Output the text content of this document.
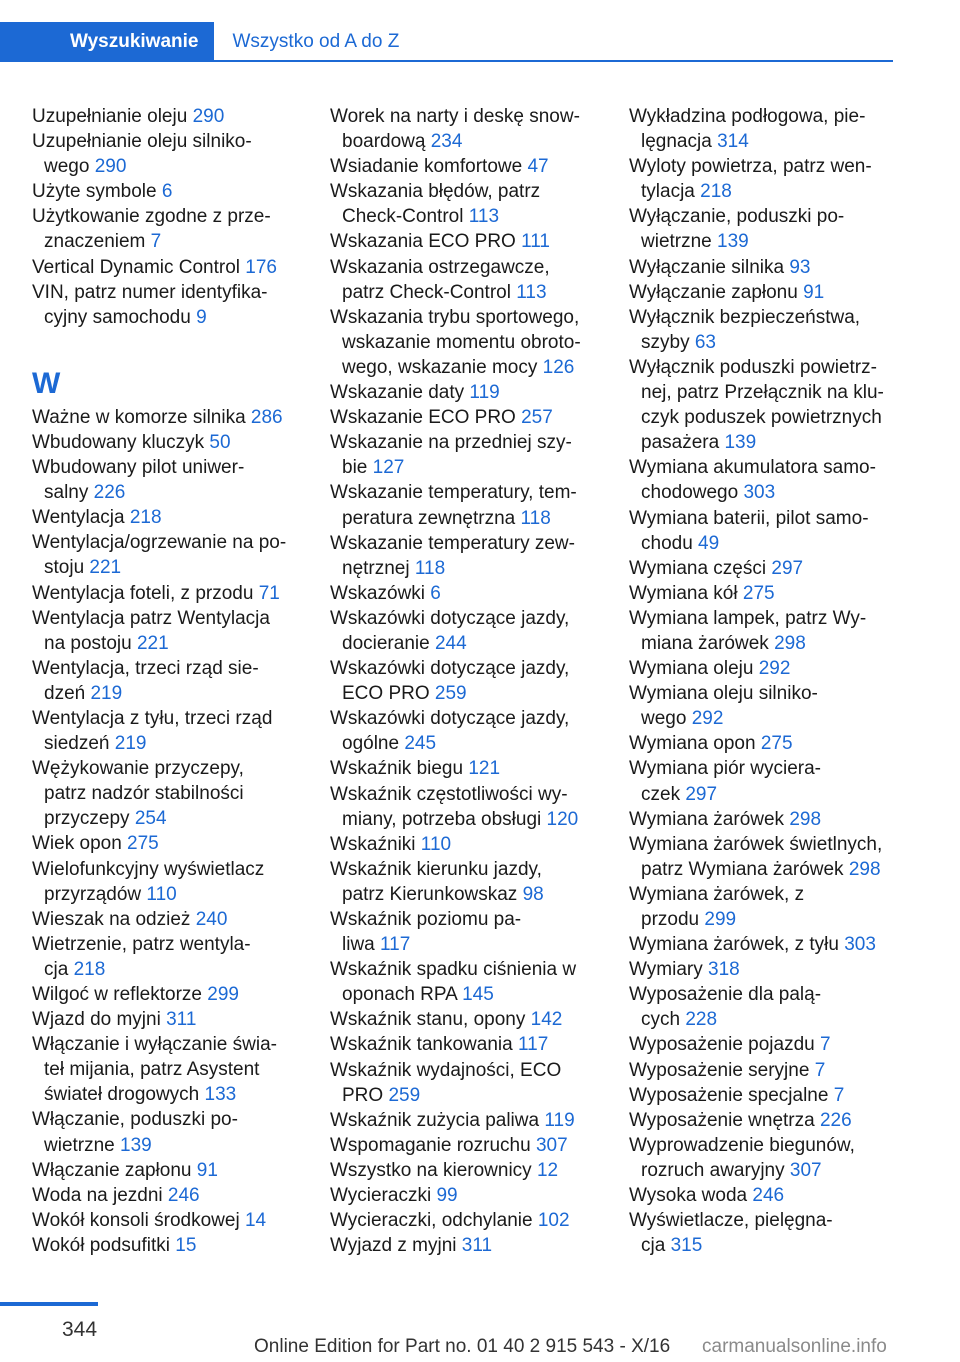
Wyszukiwanie	Wszystko od A do Z
Uzupełnianie oleju 290
Uzupełnianie oleju silniko-
wego 290
Użyte symbole 6
Użytkowanie zgodne z prze-
znaczeniem 7
Vertical Dynamic Control 176
VIN, patrz numer identyfika-
cyjny samochodu 9
W
Ważne w komorze silnika 286
Wbudowany kluczyk 50
Wbudowany pilot uniwer-
salny 226
Wentylacja 218
Wentylacja/ogrzewanie na po-
stoju 221
Wentylacja foteli, z przodu 71
Wentylacja patrz Wentylacja
na postoju 221
Wentylacja, trzeci rząd sie-
dzeń 219
Wentylacja z tyłu, trzeci rząd
siedzeń 219
Wężykowanie przyczepy,
patrz nadzór stabilności
przyczepy 254
Wiek opon 275
Wielofunkcyjny wyświetlacz
przyrządów 110
Wieszak na odzież 240
Wietrzenie, patrz wentyla-
cja 218
Wilgoć w reflektorze 299
Wjazd do myjni 311
Włączanie i wyłączanie świa-
teł mijania, patrz Asystent
świateł drogowych 133
Włączanie, poduszki po-
wietrzne 139
Włączanie zapłonu 91
Woda na jezdni 246
Wokół konsoli środkowej 14
Wokół podsufitki 15
Worek na narty i deskę snow-
boardową 234
Wsiadanie komfortowe 47
Wskazania błędów, patrz
Check-Control 113
Wskazania ECO PRO 111
Wskazania ostrzegawcze,
patrz Check-Control 113
Wskazania trybu sportowego,
wskazanie momentu obroto-
wego, wskazanie mocy 126
Wskazanie daty 119
Wskazanie ECO PRO 257
Wskazanie na przedniej szy-
bie 127
Wskazanie temperatury, tem-
peratura zewnętrzna 118
Wskazanie temperatury zew-
nętrznej 118
Wskazówki 6
Wskazówki dotyczące jazdy,
docieranie 244
Wskazówki dotyczące jazdy,
ECO PRO 259
Wskazówki dotyczące jazdy,
ogólne 245
Wskaźnik biegu 121
Wskaźnik częstotliwości wy-
miany, potrzeba obsługi 120
Wskaźniki 110
Wskaźnik kierunku jazdy,
patrz Kierunkowskaz 98
Wskaźnik poziomu pa-
liwa 117
Wskaźnik spadku ciśnienia w
oponach RPA 145
Wskaźnik stanu, opony 142
Wskaźnik tankowania 117
Wskaźnik wydajności, ECO
PRO 259
Wskaźnik zużycia paliwa 119
Wspomaganie rozruchu 307
Wszystko na kierownicy 12
Wycieraczki 99
Wycieraczki, odchylanie 102
Wyjazd z myjni 311
Wykładzina podłogowa, pie-
lęgnacja 314
Wyloty powietrza, patrz wen-
tylacja 218
Wyłączanie, poduszki po-
wietrzne 139
Wyłączanie silnika 93
Wyłączanie zapłonu 91
Wyłącznik bezpieczeństwa,
szyby 63
Wyłącznik poduszki powietrz-
nej, patrz Przełącznik na klu-
czyk poduszek powietrznych
pasażera 139
Wymiana akumulatora samo-
chodowego 303
Wymiana baterii, pilot samo-
chodu 49
Wymiana części 297
Wymiana kół 275
Wymiana lampek, patrz Wy-
miana żarówek 298
Wymiana oleju 292
Wymiana oleju silniko-
wego 292
Wymiana opon 275
Wymiana piór wyciera-
czek 297
Wymiana żarówek 298
Wymiana żarówek świetlnych,
patrz Wymiana żarówek 298
Wymiana żarówek, z
przodu 299
Wymiana żarówek, z tyłu 303
Wymiary 318
Wyposażenie dla palą-
cych 228
Wyposażenie pojazdu 7
Wyposażenie seryjne 7
Wyposażenie specjalne 7
Wyposażenie wnętrza 226
Wyprowadzenie biegunów,
rozruch awaryjny 307
Wysoka woda 246
Wyświetlacze, pielęgna-
cja 315
344
Online Edition for Part no. 01 40 2 915 543 - X/16 carmanualsonline.info
